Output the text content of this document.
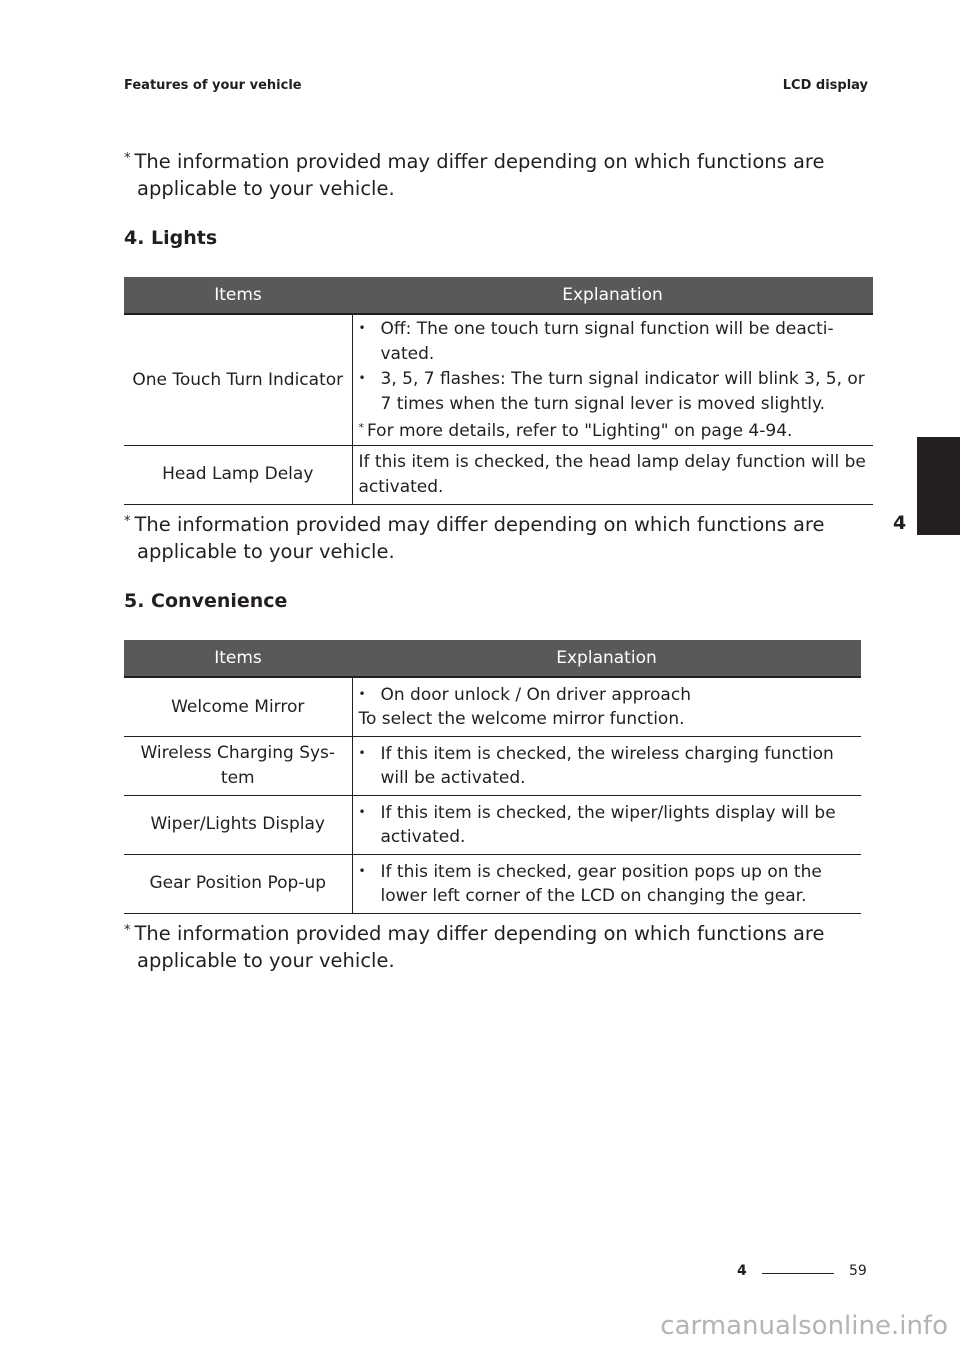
Features of your vehicle	LCD display
* The information provided may differ depending on which functions are applicable to your vehicle.
4. Lights
Items	Explanation
One Touch Turn Indicator	• Off: The one touch turn signal function will be deacti-vated.
• 3, 5, 7 flashes: The turn signal indicator will blink 3, 5, or 7 times when the turn signal lever is moved slightly.
* For more details, refer to "Lighting" on page 4-94.

Head Lamp Delay	If this item is checked, the head lamp delay function will be activated.
* The information provided may differ depending on which functions are applicable to your vehicle.
5. Convenience
Items	Explanation
Welcome Mirror	• On door unlock / On driver approach
To select the welcome mirror function.

Wireless Charging Sys-tem	• If this item is checked, the wireless charging function will be activated.

Wiper/Lights Display	• If this item is checked, the wiper/lights display will be activated.

Gear Position Pop-up	• If this item is checked, gear position pops up on the lower left corner of the LCD on changing the gear.
* The information provided may differ depending on which functions are applicable to your vehicle.
4
4	59
carmanualsonline.info
